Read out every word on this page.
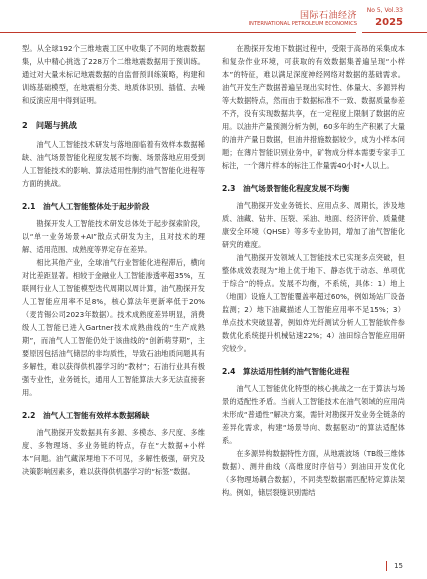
国际石油经济
INTERNATIONAL PETROLEUM ECONOMICS
No 5, Vol.33
2025

型。从全球192个三维地震工区中收集了不同的地震数据集，从中精心挑选了228万个二维地震数据用于预训练。通过对大量未标记地震数据的自监督预训练策略，构建和训练基础模型，在地震相分类、地质体识别、插值、去噪和反演应用中得到证明。

2　问题与挑战

油气人工智能技术研发与落地面临着有效样本数据稀缺、油气场景智能化程度发展不均衡、场景落地应用受到人工智能技术的影响、算法适用性制约油气智能化进程等方面的挑战。

2.1　油气人工智能整体处于起步阶段

勘探开发人工智能技术研发总体处于起步探索阶段，以“单一业务场景+AI”散点式研发为主，且对技术的理解、适用范围、成熟度等界定存在差异。

相比其他产业，全球油气行业智能化进程滞后，横向对比差距显著。相较于金融业人工智能渗透率超35%，互联网行业人工智能模型迭代周期以周计算，油气勘探开发人工智能应用率不足8%，核心算法年更新率低于20%（麦肯锡公司2023年数据）。技术成熟度差异明显，消费级人工智能已进入Gartner技术成熟曲线的“生产成熟期”，而油气人工智能仍处于该曲线的“创新萌芽期”，主要原因包括油气储层的非均质性，导致石油地质问题具有多解性，难以获得供机器学习的“教材”；石油行业具有极强专业性，业务链长，通用人工智能算法大多无法直接套用。

2.2　油气人工智能有效样本数据稀缺

油气勘探开发数据具有多源、多模态、多尺度、多维度、多物理场、多业务链的特点，存在“大数据+小样本”问题。油气藏深埋地下不可见，多解性极强，研究及决策影响因素多，难以获得供机器学习的“标签”数据。

在勘探开发地下数据过程中，受限于高昂的采集成本和复杂作业环境，可获取的有效数据集普遍呈现“小样本”的特征，难以满足深度神经网络对数据的基础需求。油气开发生产数据普遍呈现出实时性、体量大、多源异构等大数据特点，然而由于数据标准不一致、数据质量参差不齐，没有实现数据共享，在一定程度上限制了数据的应用。以油井产量预测分析为例，60多年的生产积累了大量的油井产量日数据，但油井措施数据较少，成为小样本问题；在薄片智能识别业务中，矿物成分样本需要专家手工标注，一个薄片样本的标注工作量需40小时•人以上。

2.3　油气场景智能化程度发展不均衡

油气勘探开发业务链长、应用点多、周期长，涉及地质、油藏、钻井、压裂、采油、地面、经济评价、质量健康安全环境（QHSE）等多专业协同，增加了油气智能化研究的难度。

油气勘探开发领域人工智能技术已实现多点突破，但整体成效表现为“地上优于地下、静态优于动态、单项优于综合”的特点。发展不均衡，不系统，具体：1）地上（地面）设施人工智能覆盖率超过60%，例如场站厂设备监测；2）地下油藏描述人工智能应用率不足15%；3）单点技术突破显著，例如炸光纤测试分析人工智能软件参数优化系统提升机械钻速22%；4）油田综合智能应用研究较少。

2.4　算法适用性制约油气智能化进程

油气人工智能优化特型的核心挑战之一在于算法与场景的适配性矛盾。当前人工智能技术在油气领域的应用尚未形成“普通性”解决方案，需针对勘探开发业务全链条的差异化需求，构建“场景导向、数据驱动”的算法适配体系。

在多源异构数据特性方面，从地震波场（TB级三维体数据）、测井曲线（高维度时序信号）到油田开发优化（多物理场耦合数据），不同类型数据需匹配特定算法架构。例如，储层裂缝识别需结

15
